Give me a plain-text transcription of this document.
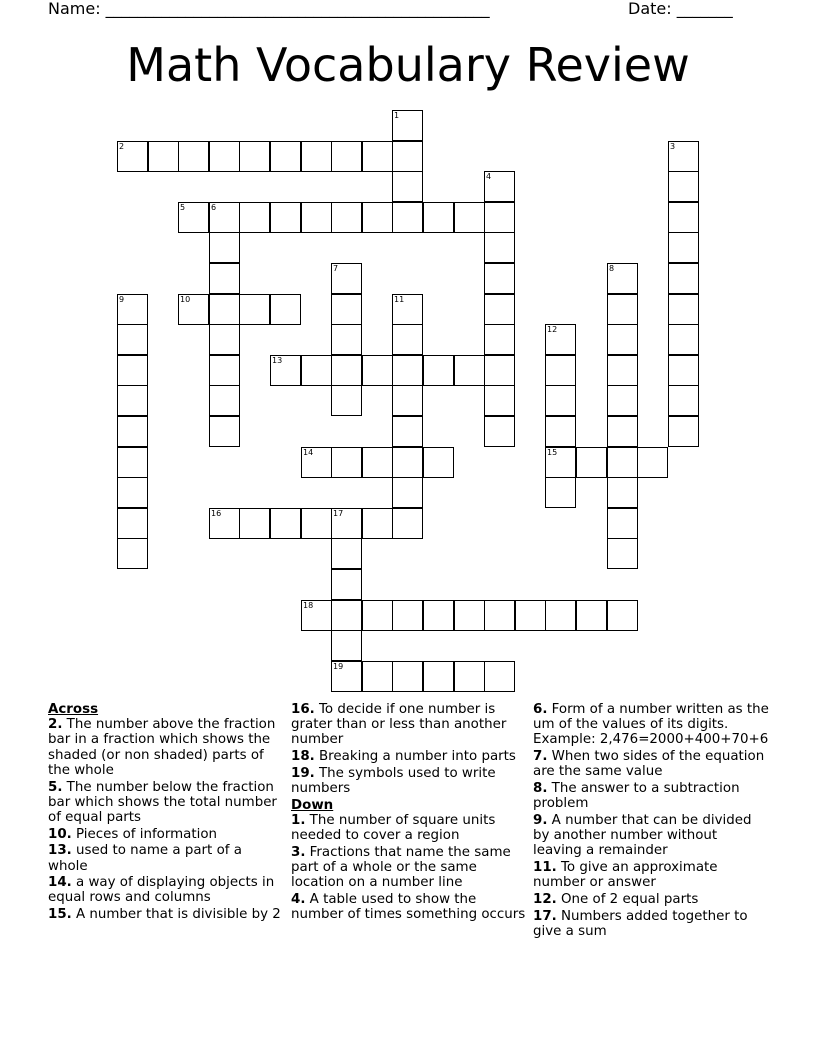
Name: ________________________________________________	Date: _______
Math Vocabulary Review
1
2	3
4
5	6
7	8
9	10	11
12
15
13
14
16	17
19
18

Across

2. The number above the fraction bar in a fraction which shows the shaded (or non shaded) parts of the whole

5. The number below the fraction bar which shows the total number of equal parts

10. Pieces of information

13. used to name a part of a whole

14. a way of displaying objects in equal rows and columns

15. A number that is divisible by 2

16. To decide if one number is grater than or less than another number

18. Breaking a number into parts

19. The symbols used to write numbers

Down

1. The number of square units needed to cover a region

3. Fractions that name the same part of a whole or the same location on a number line

4. A table used to show the number of times something occurs

6. Form of a number written as the um of the values of its digits. Example: 2,476=2000+400+70+6

7. When two sides of the equation are the same value

8. The answer to a subtraction problem

9. A number that can be divided by another number without leaving a remainder

11. To give an approximate number or answer

12. One of 2 equal parts

17. Numbers added together to give a sum
